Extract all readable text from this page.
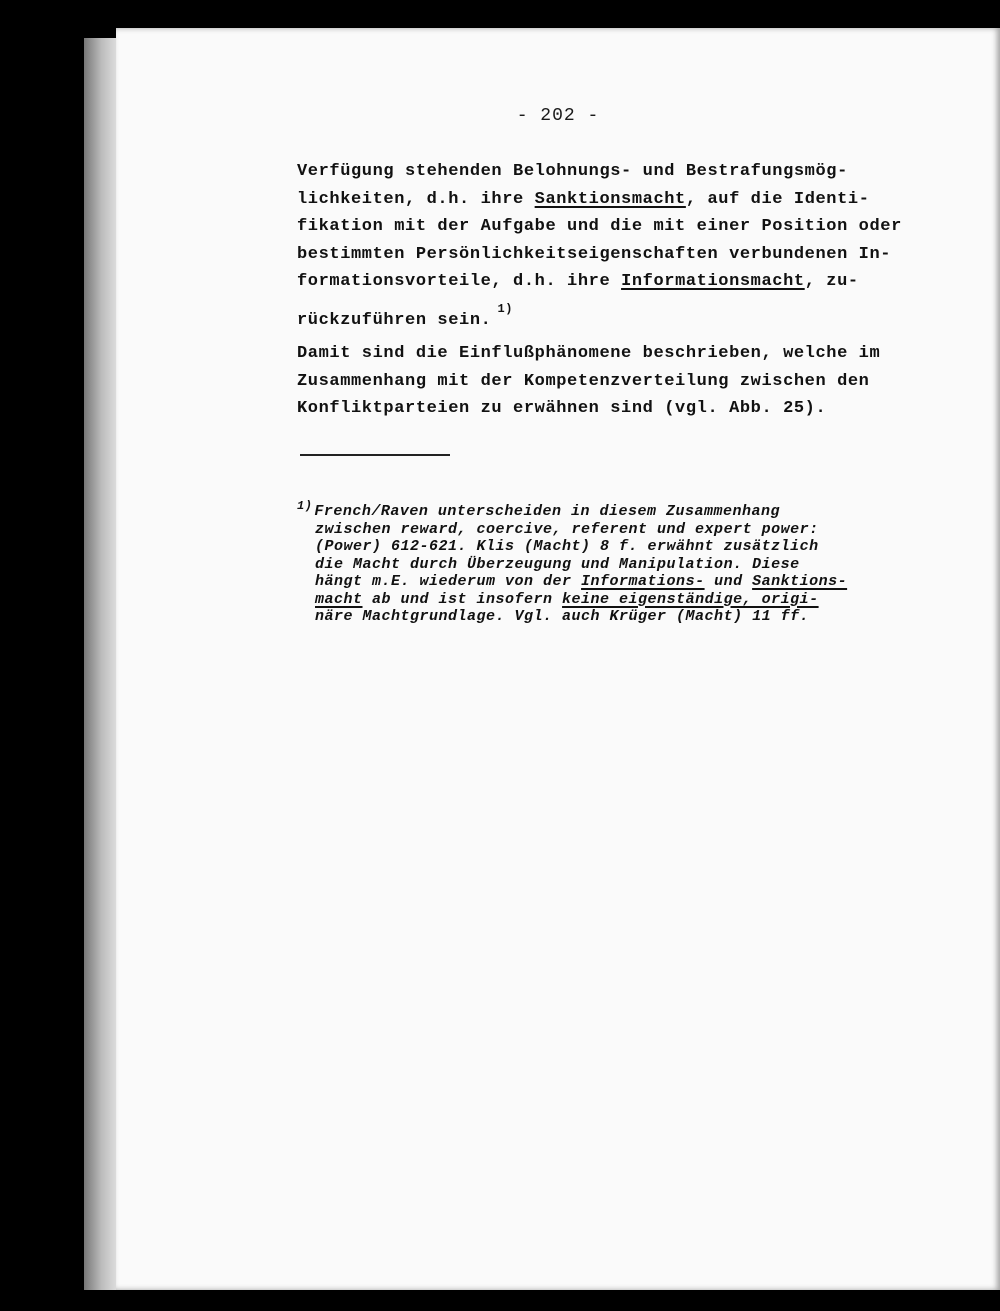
- 202 -
Verfügung stehenden Belohnungs- und Bestrafungsmög-
lichkeiten, d.h. ihre Sanktionsmacht, auf die Identi-
fikation mit der Aufgabe und die mit einer Position oder
bestimmten Persönlichkeitseigenschaften verbundenen In-
formationsvorteile, d.h. ihre Informationsmacht, zu-
rückzuführen sein.$^{1)}$
Damit sind die Einflußphänomene beschrieben, welche im
Zusammenhang mit der Kompetenzverteilung zwischen den
Konfliktparteien zu erwähnen sind (vgl. Abb. 25).
$^{1)}$ French/Raven unterscheiden in diesem Zusammenhang
zwischen reward, coercive, referent und expert power:
(Power) 612-621. Klis (Macht) 8 f. erwähnt zusätzlich
die Macht durch Überzeugung und Manipulation. Diese
hängt m.E. wiederum von der Informations- und Sanktions-
macht ab und ist insofern keine eigenständige, origi-
näre Machtgrundlage. Vgl. auch Krüger (Macht) 11 ff.
